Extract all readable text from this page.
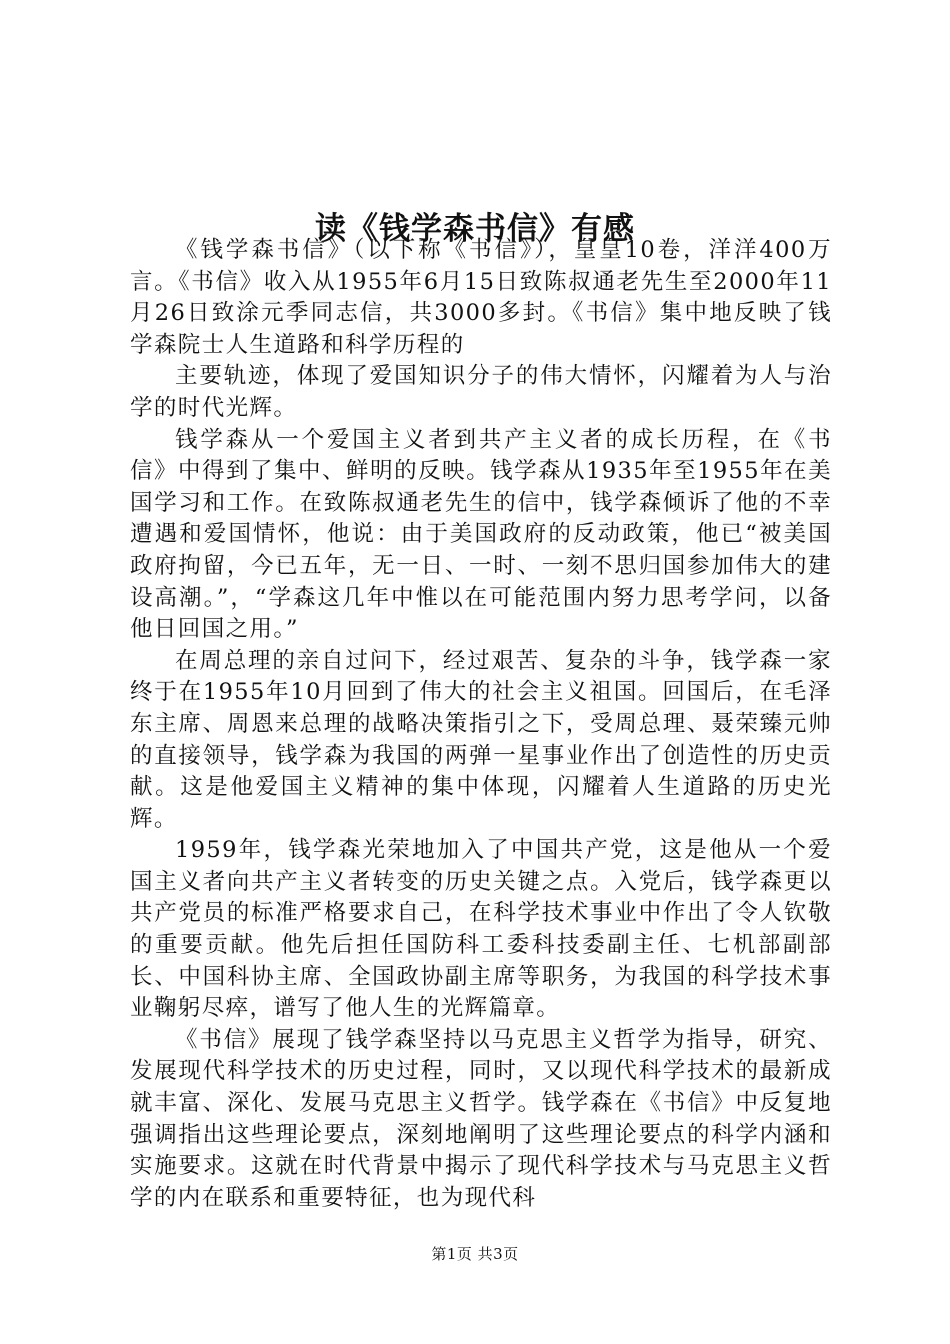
读《钱学森书信》有感

《钱学森书信》（以下称《书信》），皇皇10卷，洋洋400万言。《书信》收入从1955年6月15日致陈叔通老先生至2000年11月26日致涂元季同志信，共3000多封。《书信》集中地反映了钱学森院士人生道路和科学历程的

主要轨迹，体现了爱国知识分子的伟大情怀，闪耀着为人与治学的时代光辉。

钱学森从一个爱国主义者到共产主义者的成长历程，在《书信》中得到了集中、鲜明的反映。钱学森从1935年至1955年在美国学习和工作。在致陈叔通老先生的信中，钱学森倾诉了他的不幸遭遇和爱国情怀，他说：由于美国政府的反动政策，他已“被美国政府拘留，今已五年，无一日、一时、一刻不思归国参加伟大的建设高潮。”，“学森这几年中惟以在可能范围内努力思考学问，以备他日回国之用。”

在周总理的亲自过问下，经过艰苦、复杂的斗争，钱学森一家终于在1955年10月回到了伟大的社会主义祖国。回国后，在毛泽东主席、周恩来总理的战略决策指引之下，受周总理、聂荣臻元帅的直接领导，钱学森为我国的两弹一星事业作出了创造性的历史贡献。这是他爱国主义精神的集中体现，闪耀着人生道路的历史光辉。

1959年，钱学森光荣地加入了中国共产党，这是他从一个爱国主义者向共产主义者转变的历史关键之点。入党后，钱学森更以共产党员的标准严格要求自己，在科学技术事业中作出了令人钦敬的重要贡献。他先后担任国防科工委科技委副主任、七机部副部长、中国科协主席、全国政协副主席等职务，为我国的科学技术事业鞠躬尽瘁，谱写了他人生的光辉篇章。

《书信》展现了钱学森坚持以马克思主义哲学为指导，研究、发展现代科学技术的历史过程，同时，又以现代科学技术的最新成就丰富、深化、发展马克思主义哲学。钱学森在《书信》中反复地强调指出这些理论要点，深刻地阐明了这些理论要点的科学内涵和实施要求。这就在时代背景中揭示了现代科学技术与马克思主义哲学的内在联系和重要特征，也为现代科

第1页 共3页
